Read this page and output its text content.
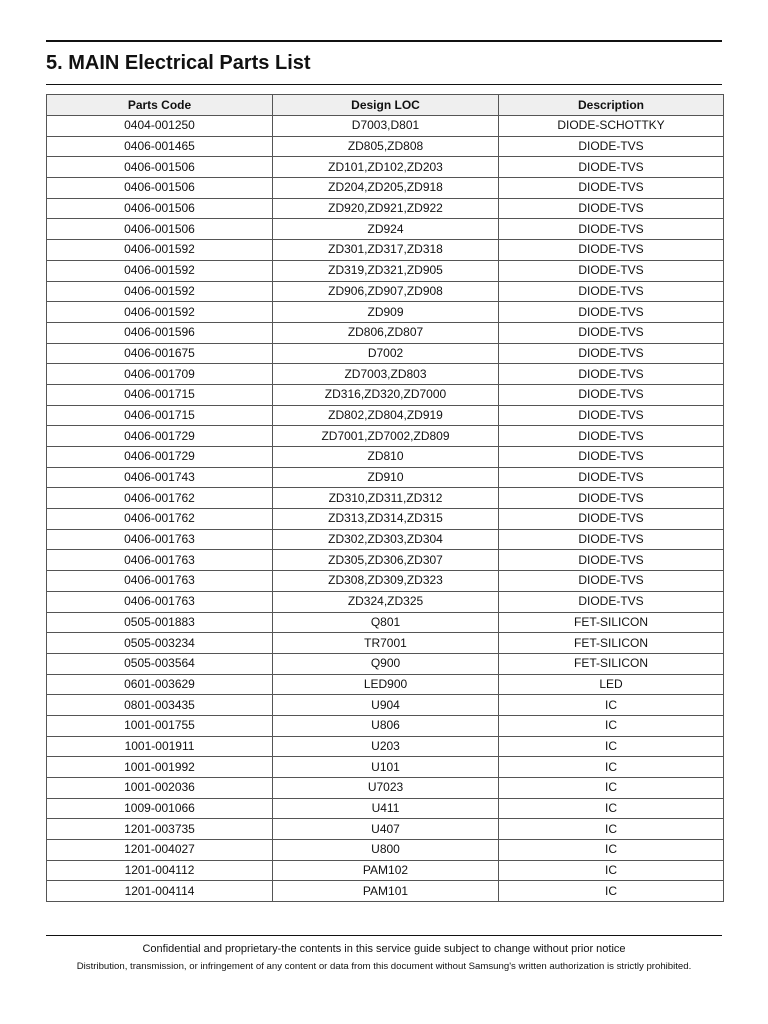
5. MAIN Electrical Parts List
Parts Code	Design LOC	Description
0404-001250	D7003,D801	DIODE-SCHOTTKY
0406-001465	ZD805,ZD808	DIODE-TVS
0406-001506	ZD101,ZD102,ZD203	DIODE-TVS
0406-001506	ZD204,ZD205,ZD918	DIODE-TVS
0406-001506	ZD920,ZD921,ZD922	DIODE-TVS
0406-001506	ZD924	DIODE-TVS
0406-001592	ZD301,ZD317,ZD318	DIODE-TVS
0406-001592	ZD319,ZD321,ZD905	DIODE-TVS
0406-001592	ZD906,ZD907,ZD908	DIODE-TVS
0406-001592	ZD909	DIODE-TVS
0406-001596	ZD806,ZD807	DIODE-TVS
0406-001675	D7002	DIODE-TVS
0406-001709	ZD7003,ZD803	DIODE-TVS
0406-001715	ZD316,ZD320,ZD7000	DIODE-TVS
0406-001715	ZD802,ZD804,ZD919	DIODE-TVS
0406-001729	ZD7001,ZD7002,ZD809	DIODE-TVS
0406-001729	ZD810	DIODE-TVS
0406-001743	ZD910	DIODE-TVS
0406-001762	ZD310,ZD311,ZD312	DIODE-TVS
0406-001762	ZD313,ZD314,ZD315	DIODE-TVS
0406-001763	ZD302,ZD303,ZD304	DIODE-TVS
0406-001763	ZD305,ZD306,ZD307	DIODE-TVS
0406-001763	ZD308,ZD309,ZD323	DIODE-TVS
0406-001763	ZD324,ZD325	DIODE-TVS
0505-001883	Q801	FET-SILICON
0505-003234	TR7001	FET-SILICON
0505-003564	Q900	FET-SILICON
0601-003629	LED900	LED
0801-003435	U904	IC
1001-001755	U806	IC
1001-001911	U203	IC
1001-001992	U101	IC
1001-002036	U7023	IC
1009-001066	U411	IC
1201-003735	U407	IC
1201-004027	U800	IC
1201-004112	PAM102	IC
1201-004114	PAM101	IC
Confidential and proprietary-the contents in this service guide subject to change without prior notice
Distribution, transmission, or infringement of any content or data from this document without Samsung's written authorization is strictly prohibited.
